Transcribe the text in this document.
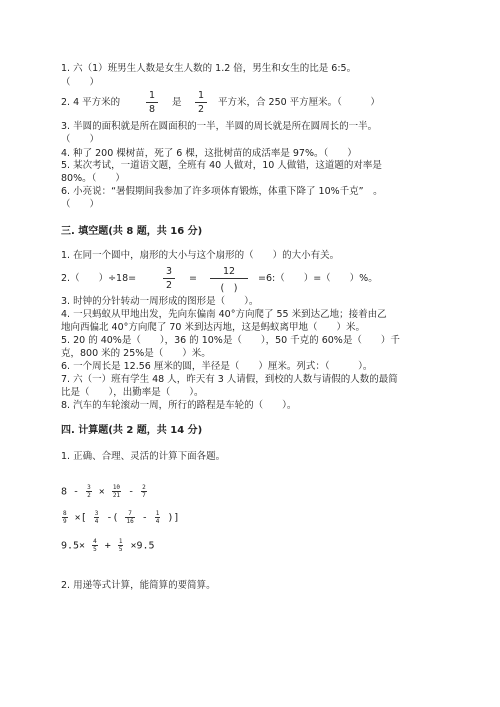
1. 六（1）班男生人数是女生人数的 1.2 倍，男生和女生的比是 6:5。
（　　）
2. 4 平方米的
1
8
是
1
2
平方米，合 250 平方厘米。（　　　）
3. 半圆的面积就是所在圆面积的一半，半圆的周长就是所在圆周长的一半。
（　　）
4. 种了 200 棵树苗，死了 6 棵，这批树苗的成活率是 97%。（　　）
5. 某次考试，一道语文题，全班有 40 人做对，10 人做错，这道题的对率是
80%。（　　）
6. 小亮说：“暑假期间我参加了许多项体育锻炼，体重下降了 10%千克”　。
（　　）
三. 填空题(共 8 题，共 16 分)
1. 在同一个圆中，扇形的大小与这个扇形的（　　）的大小有关。
2.（　　）÷18=
3
2
=
12
(　)
=6:（　　）=（　　）%。
3. 时钟的分针转动一周形成的图形是（　　）。
4. 一只蚂蚁从甲地出发，先向东偏南 40°方向爬了 55 米到达乙地；接着由乙
地向西偏北 40°方向爬了 70 米到达丙地，这是蚂蚁离甲地（　　）米。
5. 20 的 40%是（　　），36 的 10%是（　　），50 千克的 60%是（　　）千
克，800 米的 25%是（　　）米。
6. 一个周长是 12.56 厘米的圆，半径是（　　）厘米。列式：（　　　）。
7. 六（一）班有学生 48 人，昨天有 3 人请假，到校的人数与请假的人数的最简
比是（　　），出勤率是（　　）。
8. 汽车的车轮滚动一周，所行的路程是车轮的（　　）。
四. 计算题(共 2 题，共 14 分)
1. 正确、合理、灵活的计算下面各题。
$8 - \frac{3}{2} \times \frac{10}{21} - \frac{2}{7}$
$\frac{8}{9}$ ×[ $\frac{3}{4}$ -( $\frac{7}{16} - \frac{1}{4}$ )]
$9.5\times \frac{4}{5} + \frac{1}{5} \times 9.5$
2. 用递等式计算，能简算的要简算。
